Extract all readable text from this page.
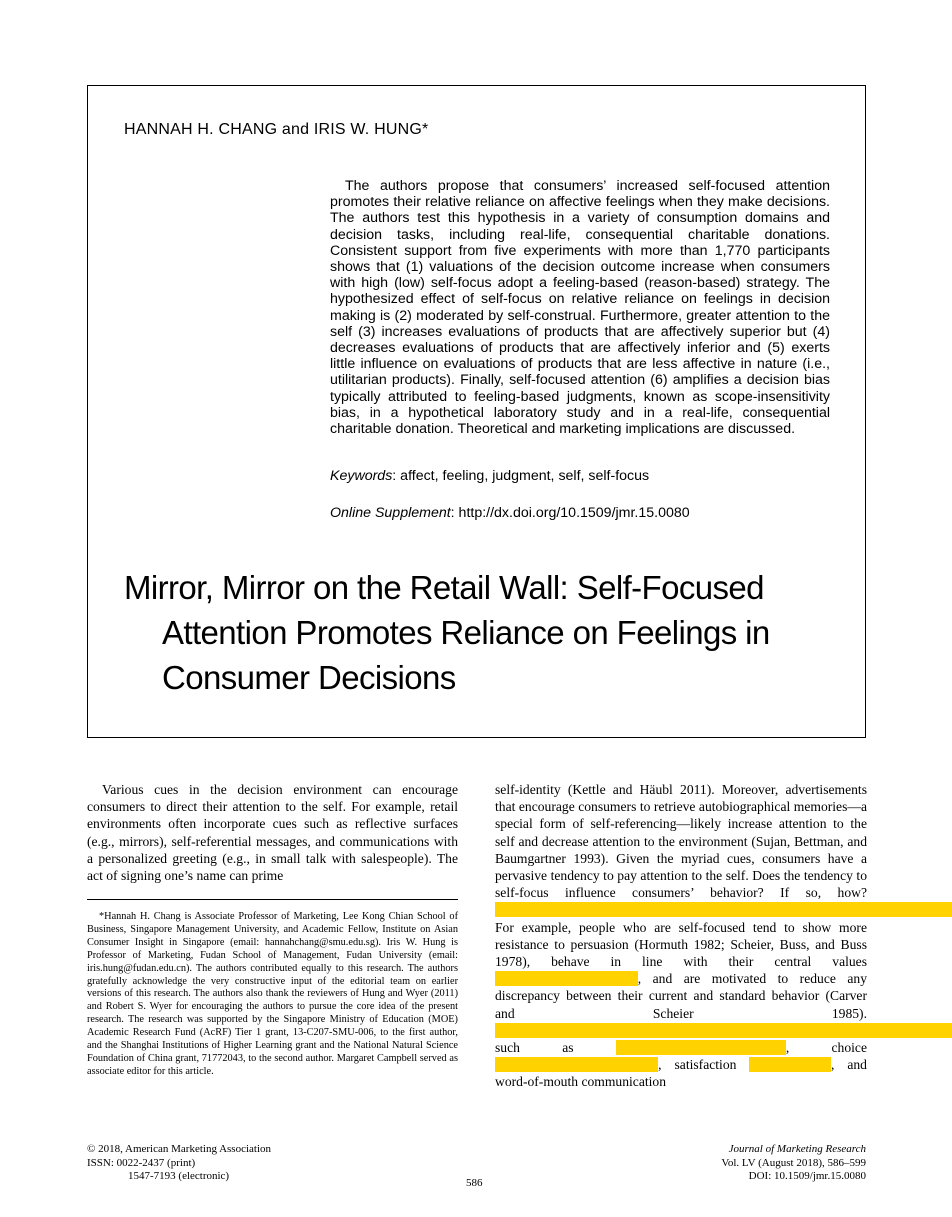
HANNAH H. CHANG and IRIS W. HUNG*

The authors propose that consumers’ increased self-focused attention promotes their relative reliance on affective feelings when they make decisions. The authors test this hypothesis in a variety of consumption domains and decision tasks, including real-life, consequential charitable donations. Consistent support from five experiments with more than 1,770 participants shows that (1) valuations of the decision outcome increase when consumers with high (low) self-focus adopt a feeling-based (reason-based) strategy. The hypothesized effect of self-focus on relative reliance on feelings in decision making is (2) moderated by self-construal. Furthermore, greater attention to the self (3) increases evaluations of products that are affectively superior but (4) decreases evaluations of products that are affectively inferior and (5) exerts little influence on evaluations of products that are less affective in nature (i.e., utilitarian products). Finally, self-focused attention (6) amplifies a decision bias typically attributed to feeling-based judgments, known as scope-insensitivity bias, in a hypothetical laboratory study and in a real-life, consequential charitable donation. Theoretical and marketing implications are discussed.

Keywords: affect, feeling, judgment, self, self-focus
Online Supplement: http://dx.doi.org/10.1509/jmr.15.0080
Mirror, Mirror on the Retail Wall: Self-Focused Attention Promotes Reliance on Feelings in Consumer Decisions

Various cues in the decision environment can encourage consumers to direct their attention to the self. For example, retail environments often incorporate cues such as reflective surfaces (e.g., mirrors), self-referential messages, and communications with a personalized greeting (e.g., in small talk with salespeople). The act of signing one’s name can prime

*Hannah H. Chang is Associate Professor of Marketing, Lee Kong Chian School of Business, Singapore Management University, and Academic Fellow, Institute on Asian Consumer Insight in Singapore (email: hannahchang@smu.edu.sg). Iris W. Hung is Professor of Marketing, Fudan School of Management, Fudan University (email: iris.hung@fudan.edu.cn). The authors contributed equally to this research. The authors gratefully acknowledge the very constructive input of the editorial team on earlier versions of this research. The authors also thank the reviewers of Hung and Wyer (2011) and Robert S. Wyer for encouraging the authors to pursue the core idea of the present research. The research was supported by the Singapore Ministry of Education (MOE) Academic Research Fund (AcRF) Tier 1 grant, 13-C207-SMU-006, to the first author, and the Shanghai Institutions of Higher Learning grant and the National Natural Science Foundation of China grant, 71772043, to the second author. Margaret Campbell served as associate editor for this article.

self-identity (Kettle and Häubl 2011). Moreover, advertisements that encourage consumers to retrieve autobiographical memories—a special form of self-referencing—likely increase attention to the self and decrease attention to the environment (Sujan, Bettman, and Baumgartner 1993). Given the myriad cues, consumers have a pervasive tendency to pay attention to the self. Does the tendency to self-focus influence consumers’ behavior? If so, how?                                                                                      For example, people who are self-focused tend to show more resistance to persuasion (Hormuth 1982; Scheier, Buss, and Buss 1978), behave in line with their central values                      , and are motivated to reduce any discrepancy between their current and standard behavior (Carver and Scheier 1985).                                                                                             such as                          	, choice                         , satisfaction             	, and word-of-mouth communication

© 2018, American Marketing Association
ISSN: 0022-2437 (print)
1547-7193 (electronic)
586
Journal of Marketing Research
Vol. LV (August 2018), 586–599
DOI: 10.1509/jmr.15.0080
